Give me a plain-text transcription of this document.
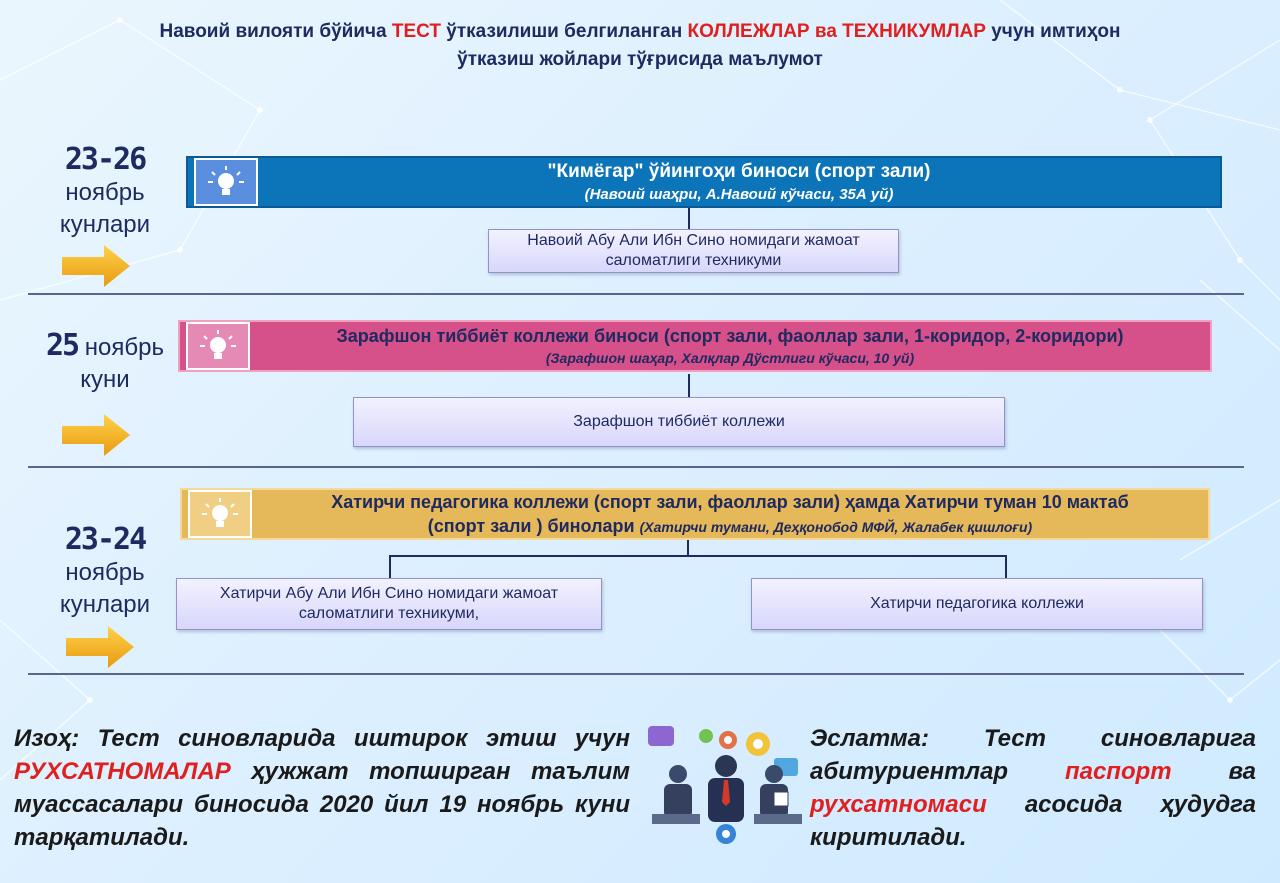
Навоий вилояти бўйича ТЕСТ ўтказилиши белгиланган КОЛЛЕЖЛАР ва ТЕХНИКУМЛАР учун имтиҳон
ўтказиш жойлари тўғрисида маълумот
23-26
ноябрь
кунлари
"Кимёгар" ўйингоҳи биноси (спорт зали)
(Навоий шаҳри, А.Навоий кўчаси, 35А уй)
Навоий Абу Али Ибн Сино номидаги жамоат саломатлиги техникуми
25 ноябрь
куни
Зарафшон тиббиёт коллежи биноси (спорт зали, фаоллар зали, 1-коридор, 2-коридори)
(Зарафшон шаҳар, Халқлар Дўстлиги кўчаси, 10 уй)
Зарафшон тиббиёт коллежи
23-24
ноябрь
кунлари
Хатирчи педагогика коллежи (спорт зали, фаоллар зали) ҳамда Хатирчи туман 10 мактаб
(спорт зали ) бинолари (Хатирчи тумани, Деҳқонобод МФЙ, Жалабек қишлоғи)
Хатирчи Абу Али Ибн Сино номидаги жамоат саломатлиги техникуми,
Хатирчи педагогика коллежи
Изоҳ: Тест синовларида иштирок этиш учун РУХСАТНОМАЛАР ҳужжат топширган таълим муассасалари биносида 2020 йил 19 ноябрь куни тарқатилади.
Эслатма: Тест синовларига абитуриентлар паспорт ва рухсатномаси асосида ҳудудга киритилади.
